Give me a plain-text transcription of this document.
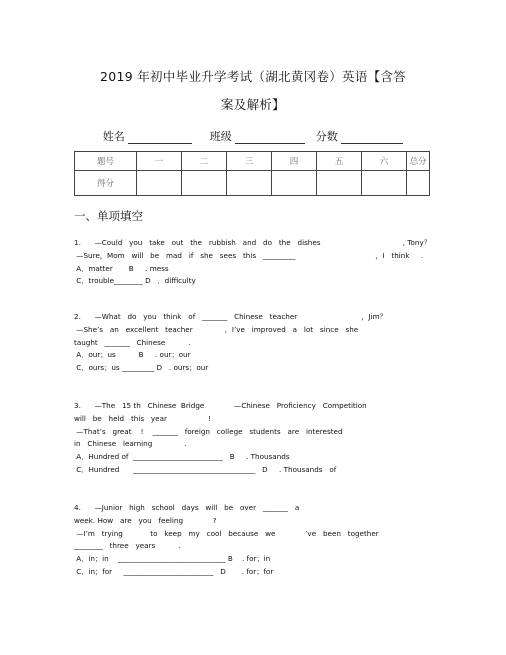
2019 年初中毕业升学考试（湖北黄冈卷）英语【含答
案及解析】
姓名	班级	分数
题号	一	二	三	四	五	六	总分
得分							
一、单项填空
1.      —Could   you   take   out   the   rubbish   and   do   the   dishes                                    , Tony？
—Sure，Mom   will   be   mad   if   she   sees   this   _________                                   ，I   think     .
A．matter       B     . mess
C．trouble________ D   ．difficulty
2.      —What   do   you   think   of   _______   Chinese   teacher                            ，Jim？
—She’s   an   excellent   teacher              ，I’ve   improved   a   lot   since   she
taught   _______   Chinese          .
A．our；us          B     . our；our
C．ours；us _________ D   . ours；our
3.      —The   15 th   Chinese  Bridge             —Chinese   Proficiency   Competition
will   be   held   this   year                  !
—That’s   great    !    _______   foreign   college   students   are   interested
in   Chinese   learning              .
A．Hundred of  _________________________   B     . Thousands
C．Hundred      __________________________________   D     . Thousands   of
4.      —Junior   high   school   days   will   be   over   _______   a
week. How   are   you   feeling             ?
—I’m   trying            to   keep   my   cool   because   we             ’ve   been   together
________   three   years          .
A．in；in    ______________________________ B    . for；in
C．in；for     _________________________   D       . for；for
